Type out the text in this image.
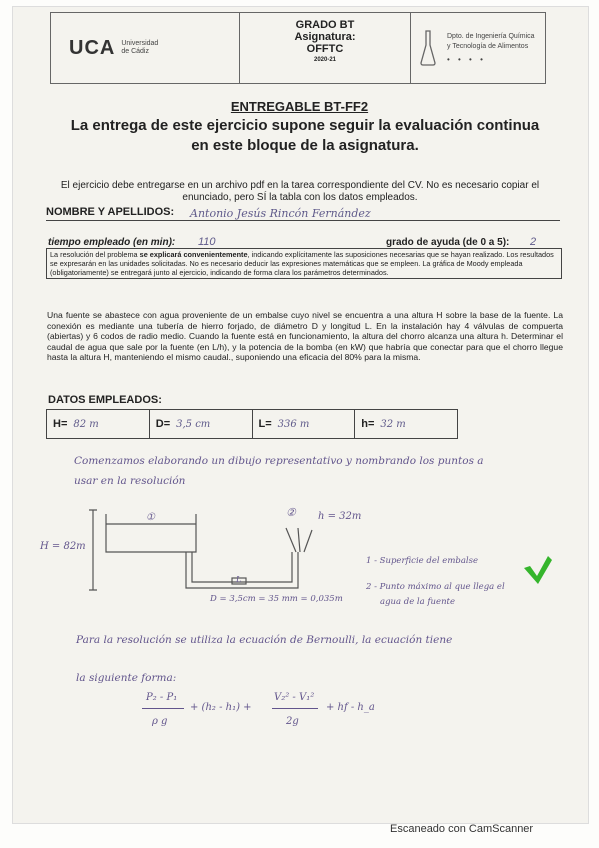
UCA Universidad
de Cádiz
GRADO BT
Asignatura:
OFFTC
2020-21
Dpto. de Ingeniería Química
y Tecnología de Alimentos
• • • •
ENTREGABLE BT-FF2
La entrega de este ejercicio supone seguir la evaluación continua en este bloque de la asignatura.
El ejercicio debe entregarse en un archivo pdf en la tarea correspondiente del CV. No es necesario copiar el enunciado, pero SÍ la tabla con los datos empleados.
NOMBRE Y APELLIDOS: Antonio Jesús Rincón Fernández
tiempo empleado (en min): 110	grado de ayuda (de 0 a 5): 2
La resolución del problema se explicará convenientemente, indicando explícitamente las suposiciones necesarias que se hayan realizado. Los resultados se expresarán en las unidades solicitadas. No es necesario deducir las expresiones matemáticas que se empleen. La gráfica de Moody empleada (obligatoriamente) se entregará junto al ejercicio, indicando de forma clara los parámetros determinados.
Una fuente se abastece con agua proveniente de un embalse cuyo nivel se encuentra a una altura H sobre la base de la fuente. La conexión es mediante una tubería de hierro forjado, de diámetro D y longitud L. En la instalación hay 4 válvulas de compuerta (abiertas) y 6 codos de radio medio. Cuando la fuente está en funcionamiento, la altura del chorro alcanza una altura h. Determinar el caudal de agua que sale por la fuente (en L/h), y la potencia de la bomba (en kW) que habría que conectar para que el chorro llegue hasta la altura H, manteniendo el mismo caudal., suponiendo una eficacia del 80% para la misma.
DATOS EMPLEADOS:
H= 82 m	D= 3,5 cm	L= 336 m	h= 32 m
Comenzamos elaborando un dibujo representativo y nombrando los puntos a
usar en la resolución
①	② h = 32m
H = 82m
L
D = 3,5cm = 35 mm = 0,035m
1 - Superficie del embalse
2 - Punto máximo al que llega el
agua de la fuente
Para la resolución se utiliza la ecuación de Bernoulli, la ecuación tiene
la siguiente forma:
P₂ - P₁
ρ g
+ (h₂ - h₁) +
V₂² - V₁²
2g
+ hf - h_a
Escaneado con CamScanner
